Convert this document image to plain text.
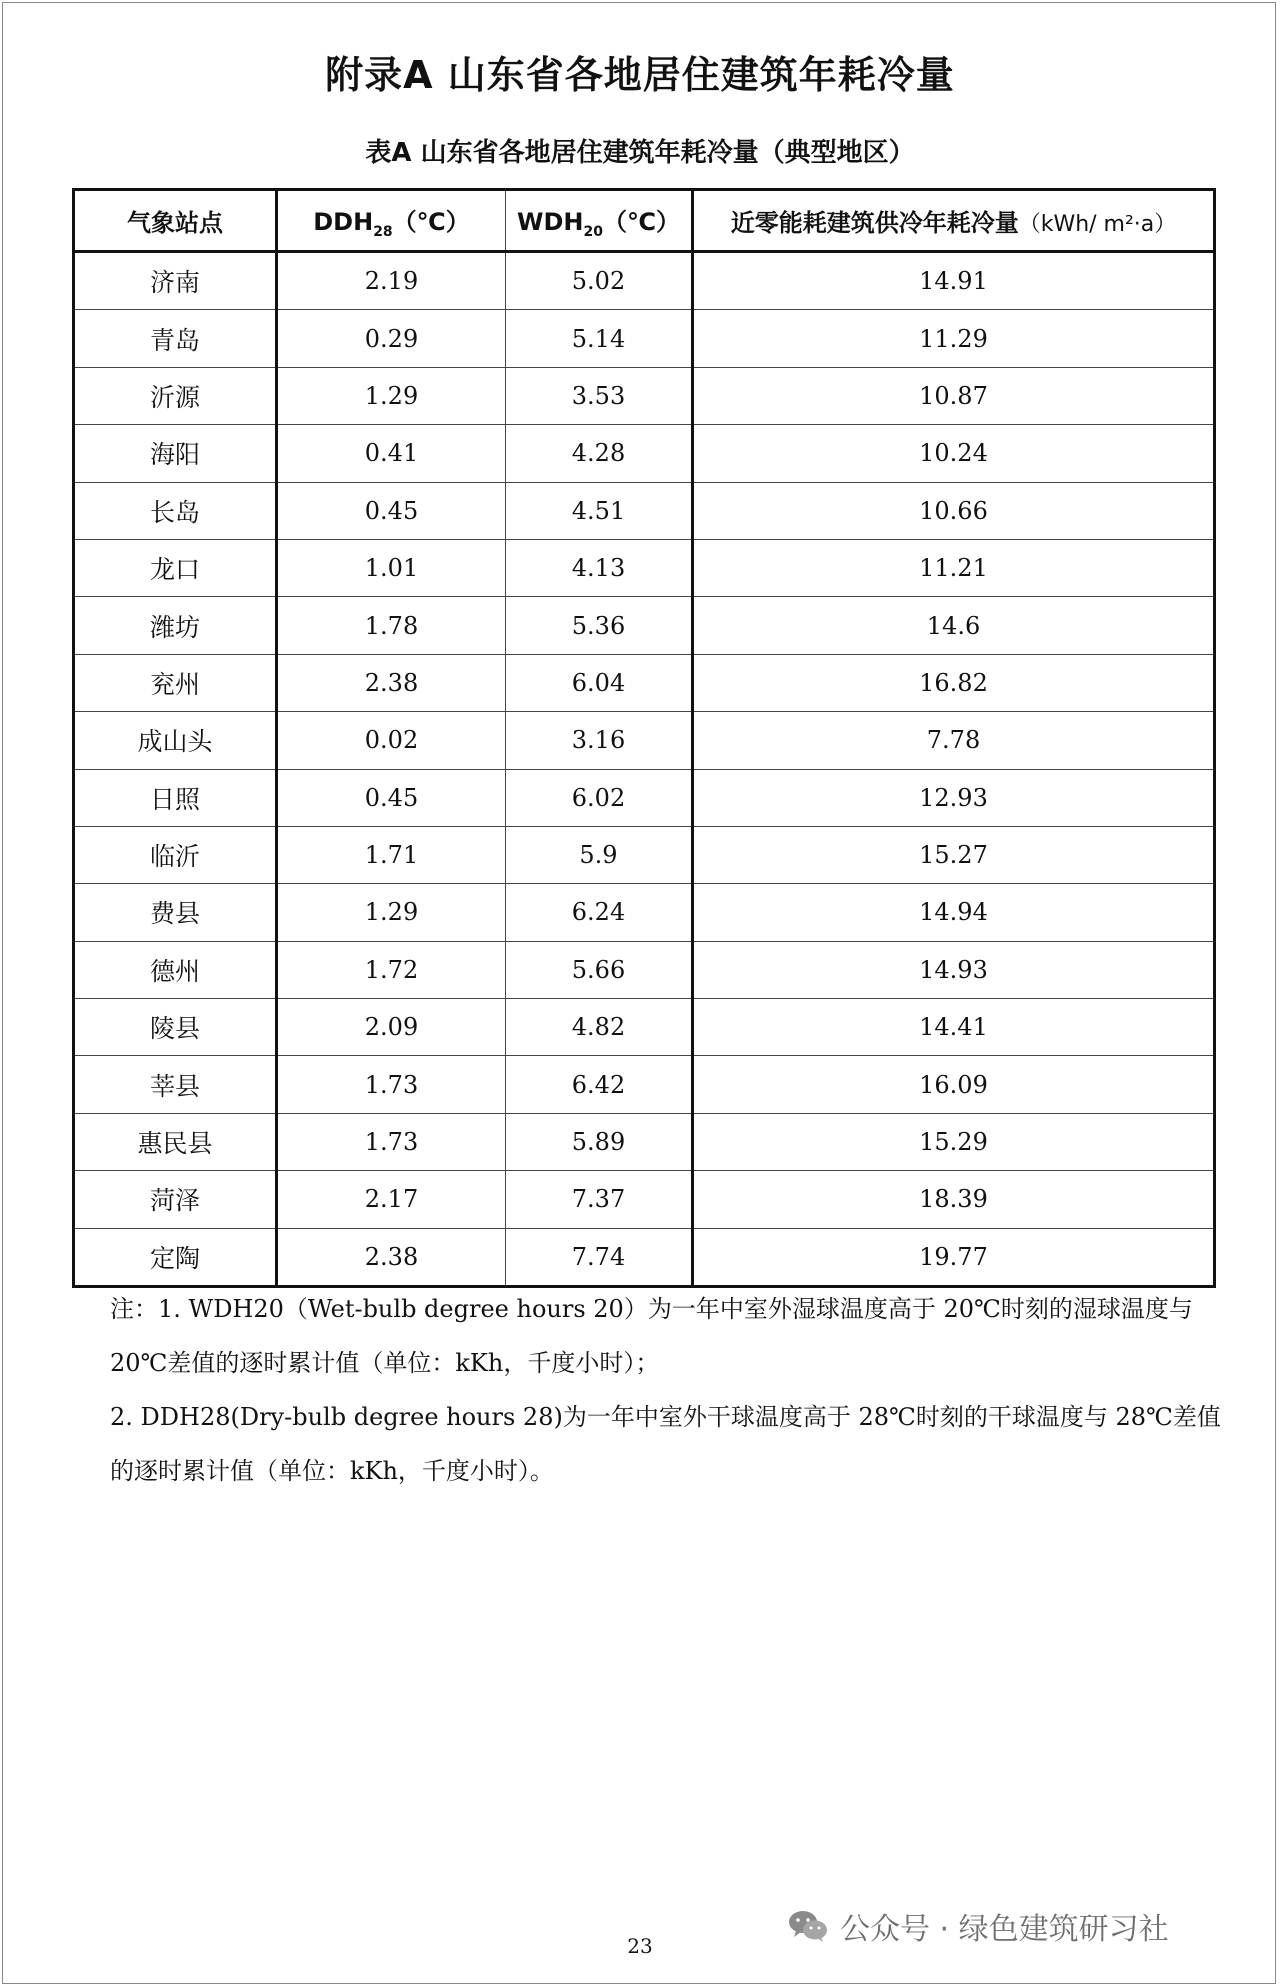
附录A 山东省各地居住建筑年耗冷量
表A 山东省各地居住建筑年耗冷量（典型地区）
气象站点	$DDH_{28}(℃)$	$WDH_{20}(℃)$	近零能耗建筑供冷年耗冷量（kWh/ m²·a）
济南	2.19	5.02	14.91
青岛	0.29	5.14	11.29
沂源	1.29	3.53	10.87
海阳	0.41	4.28	10.24
长岛	0.45	4.51	10.66
龙口	1.01	4.13	11.21
潍坊	1.78	5.36	14.6
兖州	2.38	6.04	16.82
成山头	0.02	3.16	7.78
日照	0.45	6.02	12.93
临沂	1.71	5.9	15.27
费县	1.29	6.24	14.94
德州	1.72	5.66	14.93
陵县	2.09	4.82	14.41
莘县	1.73	6.42	16.09
惠民县	1.73	5.89	15.29
菏泽	2.17	7.37	18.39
定陶	2.38	7.74	19.77
注：1. WDH20（Wet-bulb degree hours 20）为一年中室外湿球温度高于 20℃时刻的湿球温度与 20℃差值的逐时累计值（单位：kKh，千度小时）；
2. DDH28(Dry-bulb degree hours 28)为一年中室外干球温度高于 28℃时刻的干球温度与 28℃差值的逐时累计值（单位：kKh，千度小时）。
23	公众号 · 绿色建筑研习社
